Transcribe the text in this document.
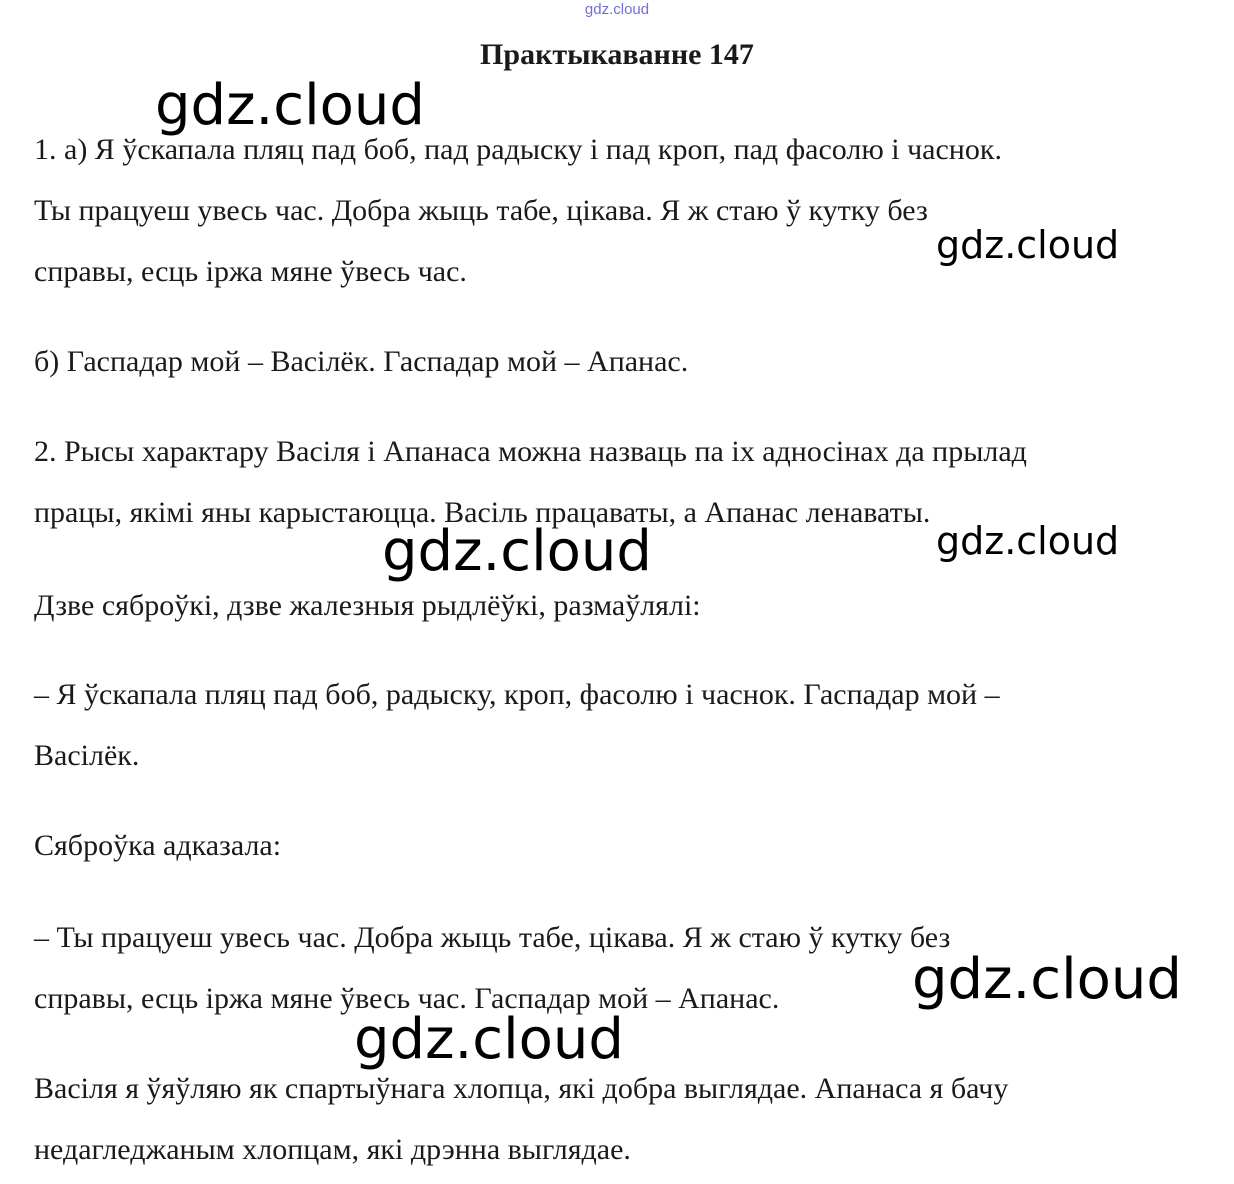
gdz.cloud
Практыкаванне 147
1. а) Я ўскапала пляц пад боб, пад радыску і пад кроп, пад фасолю і часнок.
Ты працуеш увесь час. Добра жыць табе, цікава. Я ж стаю ў кутку без
справы, есць іржа мяне ўвесь час.
б) Гаспадар мой – Васілёк. Гаспадар мой – Апанас.
2. Рысы характару Васіля і Апанаса можна назваць па іх адносінах да прылад
працы, якімі яны карыстаюцца. Васіль працаваты, а Апанас ленаваты.
Дзве сяброўкі, дзве жалезныя рыдлёўкі, размаўлялі:
– Я ўскапала пляц пад боб, радыску, кроп, фасолю і часнок. Гаспадар мой –
Васілёк.
Сяброўка адказала:
– Ты працуеш увесь час. Добра жыць табе, цікава. Я ж стаю ў кутку без
справы, есць іржа мяне ўвесь час. Гаспадар мой – Апанас.
Васіля я ўяўляю як спартыўнага хлопца, які добра выглядае. Апанаса я бачу
недагледжаным хлопцам, які дрэнна выглядае.
gdz.cloud
gdz.cloud
gdz.cloud
gdz.cloud
gdz.cloud
gdz.cloud
